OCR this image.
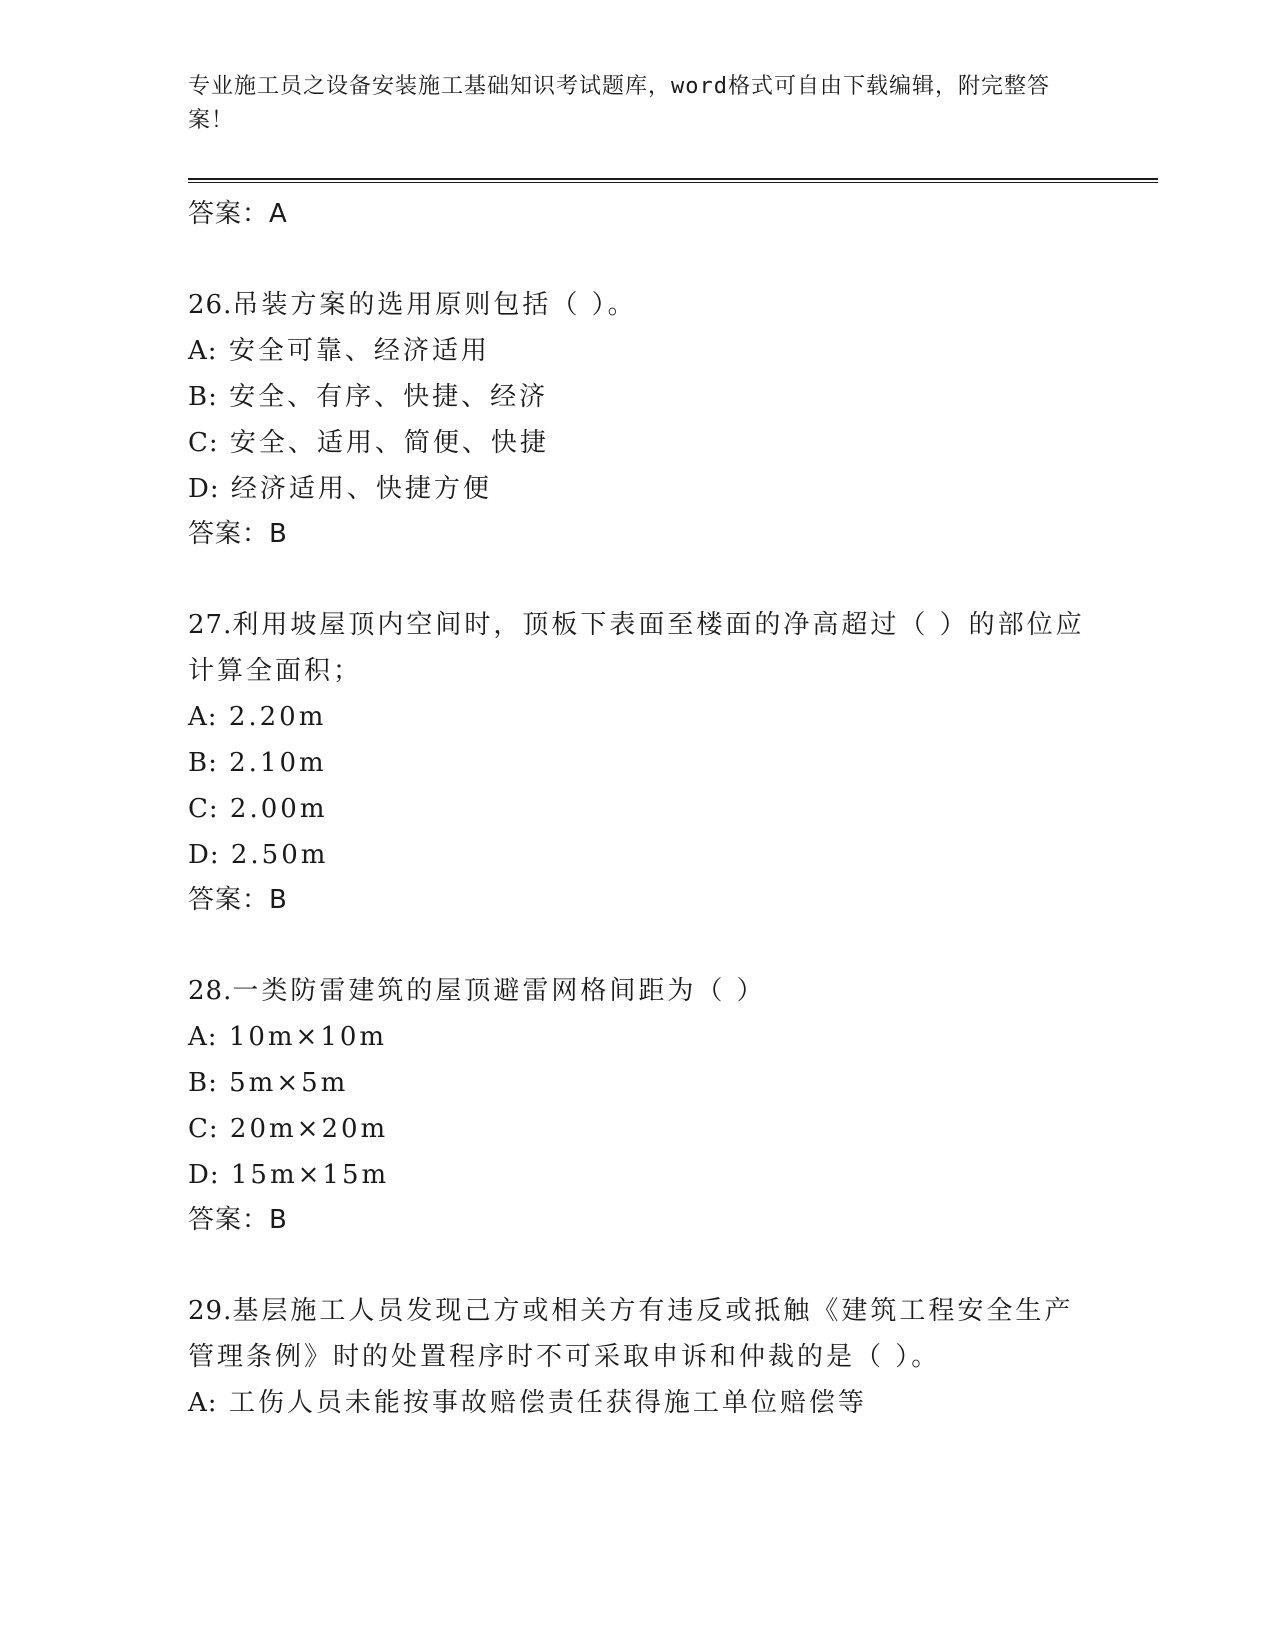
专业施工员之设备安装施工基础知识考试题库，word格式可自由下载编辑，附完整答案！
答案：A
26.吊装方案的选用原则包括（ ）。
A: 安全可靠、经济适用
B: 安全、有序、快捷、经济
C: 安全、适用、简便、快捷
D: 经济适用、快捷方便
答案：B
27.利用坡屋顶内空间时，顶板下表面至楼面的净高超过（ ）的部位应计算全面积；
A: 2.20m
B: 2.10m
C: 2.00m
D: 2.50m
答案：B
28.一类防雷建筑的屋顶避雷网格间距为（ ）
A: 10m×10m
B: 5m×5m
C: 20m×20m
D: 15m×15m
答案：B
29.基层施工人员发现己方或相关方有违反或抵触《建筑工程安全生产管理条例》时的处置程序时不可采取申诉和仲裁的是（ ）。
A: 工伤人员未能按事故赔偿责任获得施工单位赔偿等
